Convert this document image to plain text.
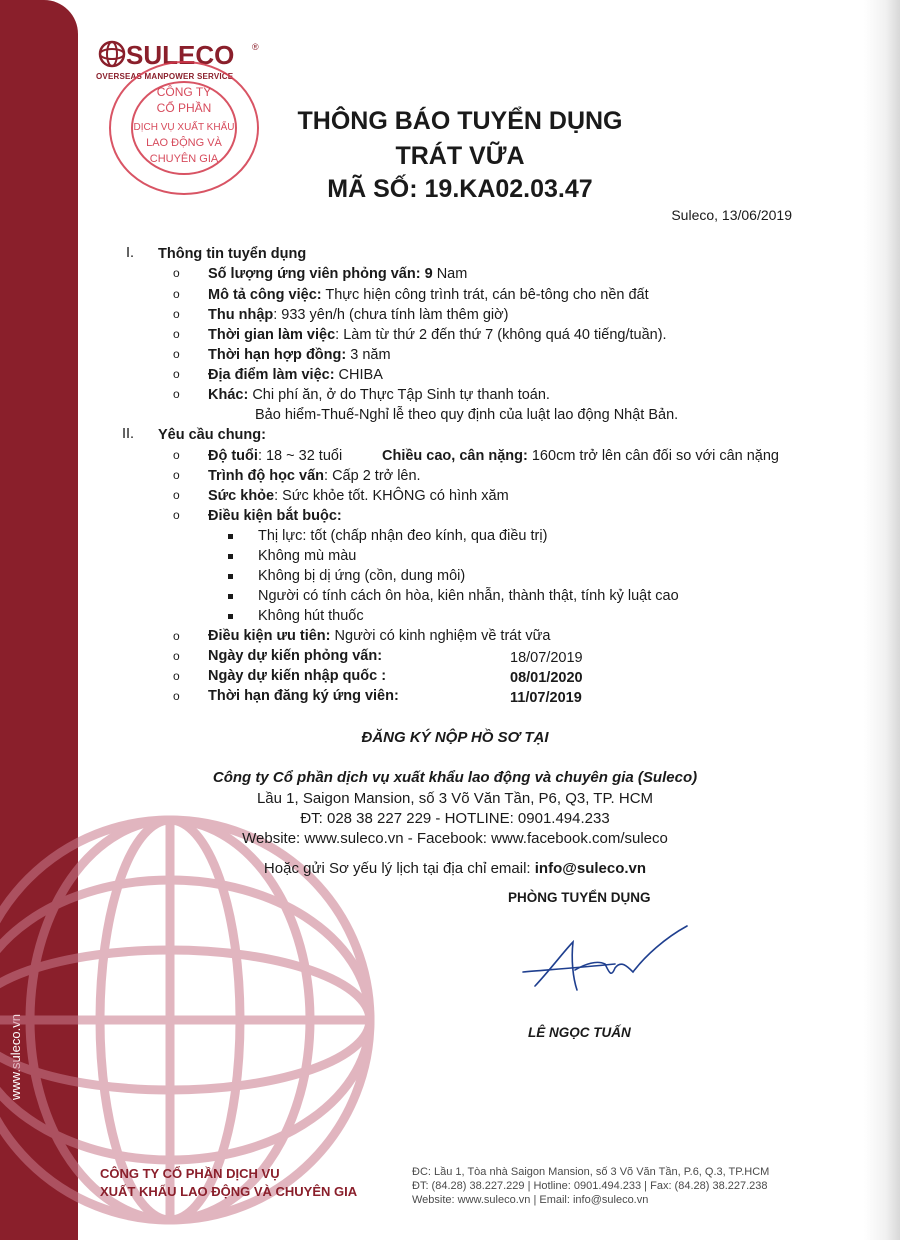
www.suleco.vn
SULECO ®
OVERSEAS MANPOWER SERVICE
CÔNG TY
CỔ PHẦN
DỊCH VỤ XUẤT KHẨU
LAO ĐỘNG VÀ
CHUYÊN GIA
THÔNG BÁO TUYỂN DỤNG
TRÁT VỮA
MÃ SỐ: 19.KA02.03.47
Suleco, 13/06/2019
I. Thông tin tuyển dụng
o Số lượng ứng viên phỏng vấn: 9 Nam
o Mô tả công việc: Thực hiện công trình trát, cán bê-tông cho nền đất
o Thu nhập: 933 yên/h (chưa tính làm thêm giờ)
o Thời gian làm việc: Làm từ thứ 2 đến thứ 7 (không quá 40 tiếng/tuần).
o Thời hạn hợp đồng: 3 năm
o Địa điểm làm việc: CHIBA
o Khác: Chi phí ăn, ở do Thực Tập Sinh tự thanh toán.
Bảo hiểm-Thuế-Nghỉ lễ theo quy định của luật lao động Nhật Bản.
II. Yêu cầu chung:
o Độ tuổi: 18 ~ 32 tuổi	Chiều cao, cân nặng: 160cm trở lên cân đối so với cân nặng
o Trình độ học vấn: Cấp 2 trở lên.
o Sức khỏe: Sức khỏe tốt. KHÔNG có hình xăm
o Điều kiện bắt buộc:
Thị lực: tốt (chấp nhận đeo kính, qua điều trị)
Không mù màu
Không bị dị ứng (cồn, dung môi)
Người có tính cách ôn hòa, kiên nhẫn, thành thật, tính kỷ luật cao
Không hút thuốc
o Điều kiện ưu tiên: Người có kinh nghiệm về trát vữa
o Ngày dự kiến phỏng vấn:	18/07/2019
o Ngày dự kiến nhập quốc :	08/01/2020
o Thời hạn đăng ký ứng viên:	11/07/2019
ĐĂNG KÝ NỘP HỒ SƠ TẠI
Công ty Cổ phần dịch vụ xuất khẩu lao động và chuyên gia (Suleco)
Lầu 1, Saigon Mansion, số 3 Võ Văn Tần, P6, Q3, TP. HCM
ĐT: 028 38 227 229 - HOTLINE: 0901.494.233
Website: www.suleco.vn - Facebook: www.facebook.com/suleco
Hoặc gửi Sơ yếu lý lịch tại địa chỉ email: info@suleco.vn
PHÒNG TUYỂN DỤNG
LÊ NGỌC TUẤN
CÔNG TY CỔ PHẦN DỊCH VỤ
XUẤT KHẨU LAO ĐỘNG VÀ CHUYÊN GIA
ĐC: Lầu 1, Tòa nhà Saigon Mansion, số 3 Võ Văn Tần, P.6, Q.3, TP.HCM
ĐT: (84.28) 38.227.229 | Hotline: 0901.494.233 | Fax: (84.28) 38.227.238
Website: www.suleco.vn | Email: info@suleco.vn
